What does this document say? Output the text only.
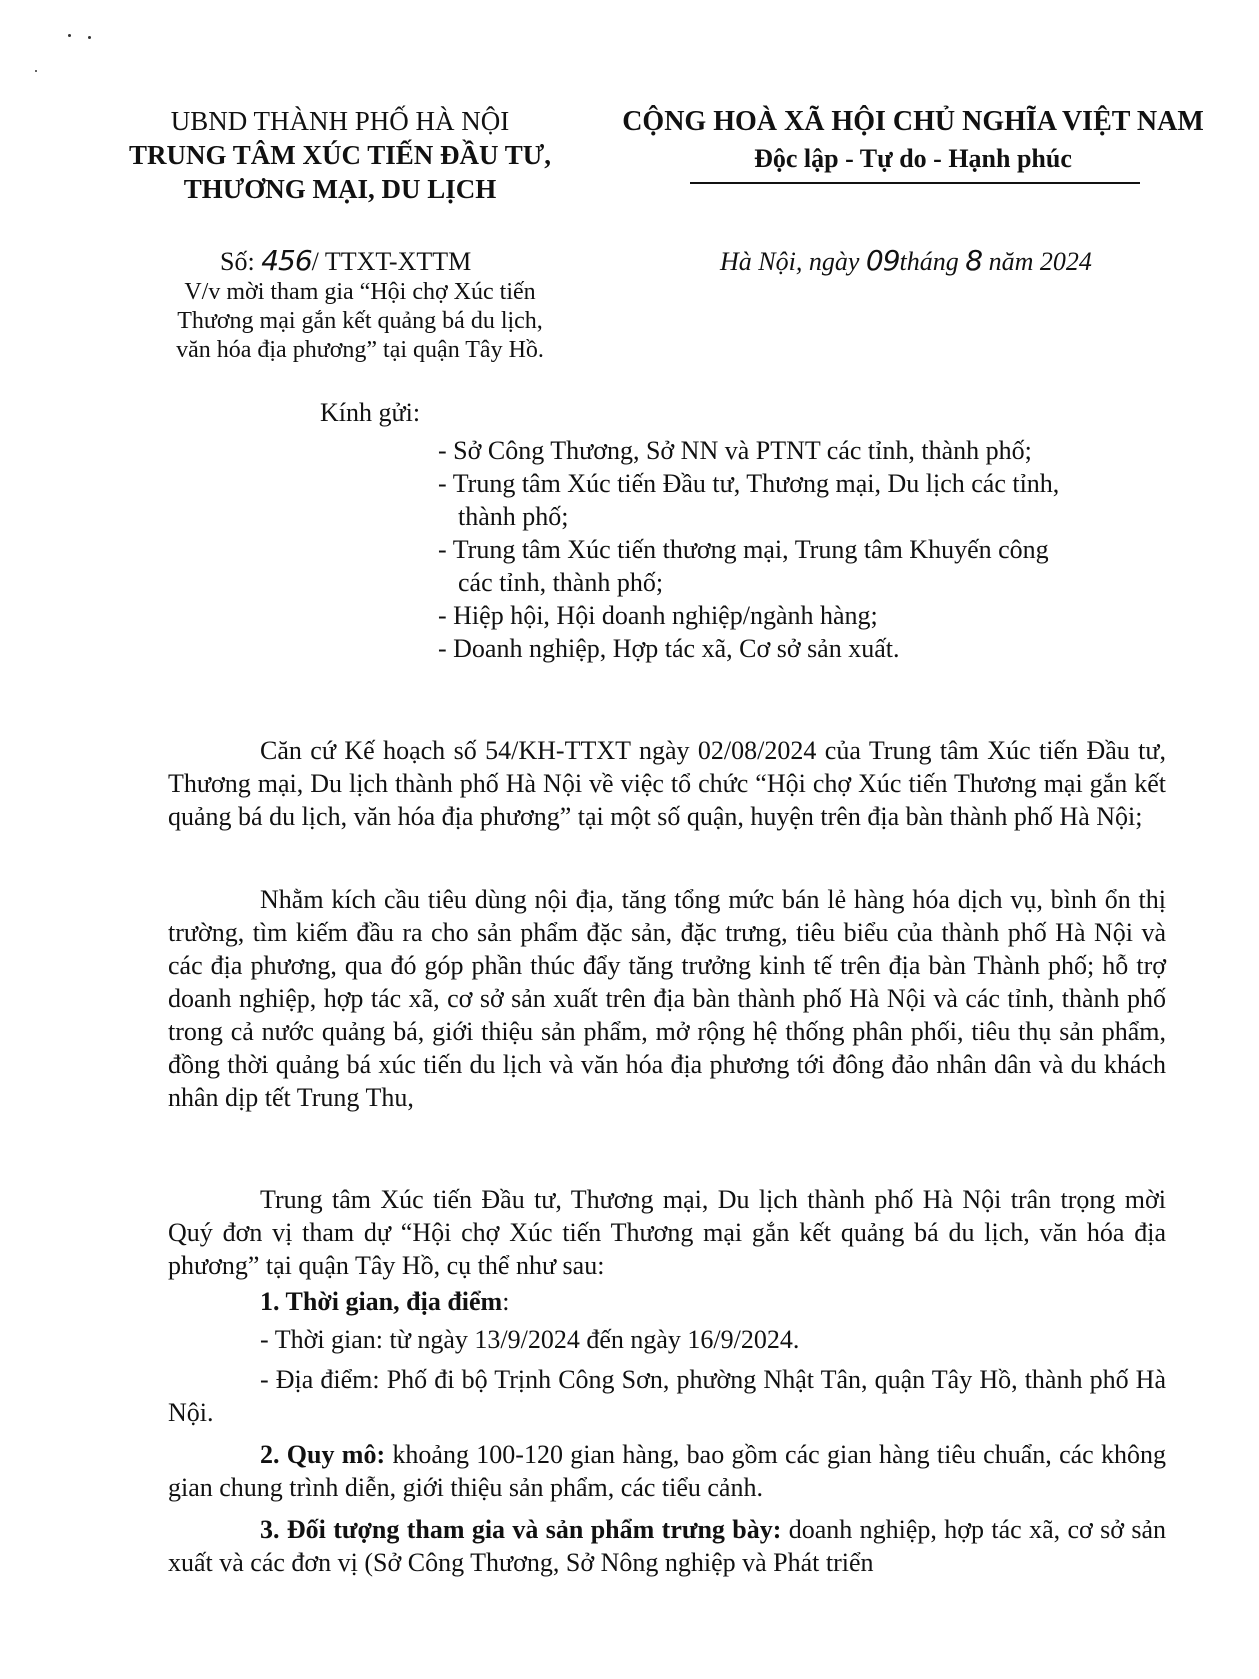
UBND THÀNH PHỐ HÀ NỘI
TRUNG TÂM XÚC TIẾN ĐẦU TƯ,
THƯƠNG MẠI, DU LỊCH
CỘNG HOÀ XÃ HỘI CHỦ NGHĨA VIỆT NAM
Độc lập - Tự do - Hạnh phúc
Số: 456/ TTXT-XTTM	Hà Nội, ngày 09tháng 8 năm 2024
V/v mời tham gia “Hội chợ Xúc tiến
Thương mại gắn kết quảng bá du lịch,
văn hóa địa phương” tại quận Tây Hồ.
Kính gửi:
- Sở Công Thương, Sở NN và PTNT các tỉnh, thành phố;
- Trung tâm Xúc tiến Đầu tư, Thương mại, Du lịch các tỉnh,
thành phố;
- Trung tâm Xúc tiến thương mại, Trung tâm Khuyến công
các tỉnh, thành phố;
- Hiệp hội, Hội doanh nghiệp/ngành hàng;
- Doanh nghiệp, Hợp tác xã, Cơ sở sản xuất.
Căn cứ Kế hoạch số 54/KH-TTXT ngày 02/08/2024 của Trung tâm Xúc tiến Đầu tư, Thương mại, Du lịch thành phố Hà Nội về việc tổ chức “Hội chợ Xúc tiến Thương mại gắn kết quảng bá du lịch, văn hóa địa phương” tại một số quận, huyện trên địa bàn thành phố Hà Nội;
Nhằm kích cầu tiêu dùng nội địa, tăng tổng mức bán lẻ hàng hóa dịch vụ, bình ổn thị trường, tìm kiếm đầu ra cho sản phẩm đặc sản, đặc trưng, tiêu biểu của thành phố Hà Nội và các địa phương, qua đó góp phần thúc đẩy tăng trưởng kinh tế trên địa bàn Thành phố; hỗ trợ doanh nghiệp, hợp tác xã, cơ sở sản xuất trên địa bàn thành phố Hà Nội và các tỉnh, thành phố trong cả nước quảng bá, giới thiệu sản phẩm, mở rộng hệ thống phân phối, tiêu thụ sản phẩm, đồng thời quảng bá xúc tiến du lịch và văn hóa địa phương tới đông đảo nhân dân và du khách nhân dịp tết Trung Thu,
Trung tâm Xúc tiến Đầu tư, Thương mại, Du lịch thành phố Hà Nội trân trọng mời Quý đơn vị tham dự “Hội chợ Xúc tiến Thương mại gắn kết quảng bá du lịch, văn hóa địa phương” tại quận Tây Hồ, cụ thể như sau:
1. Thời gian, địa điểm:
- Thời gian: từ ngày 13/9/2024 đến ngày 16/9/2024.
- Địa điểm: Phố đi bộ Trịnh Công Sơn, phường Nhật Tân, quận Tây Hồ, thành phố Hà Nội.
2. Quy mô: khoảng 100-120 gian hàng, bao gồm các gian hàng tiêu chuẩn, các không gian chung trình diễn, giới thiệu sản phẩm, các tiểu cảnh.
3. Đối tượng tham gia và sản phẩm trưng bày: doanh nghiệp, hợp tác xã, cơ sở sản xuất và các đơn vị (Sở Công Thương, Sở Nông nghiệp và Phát triển
